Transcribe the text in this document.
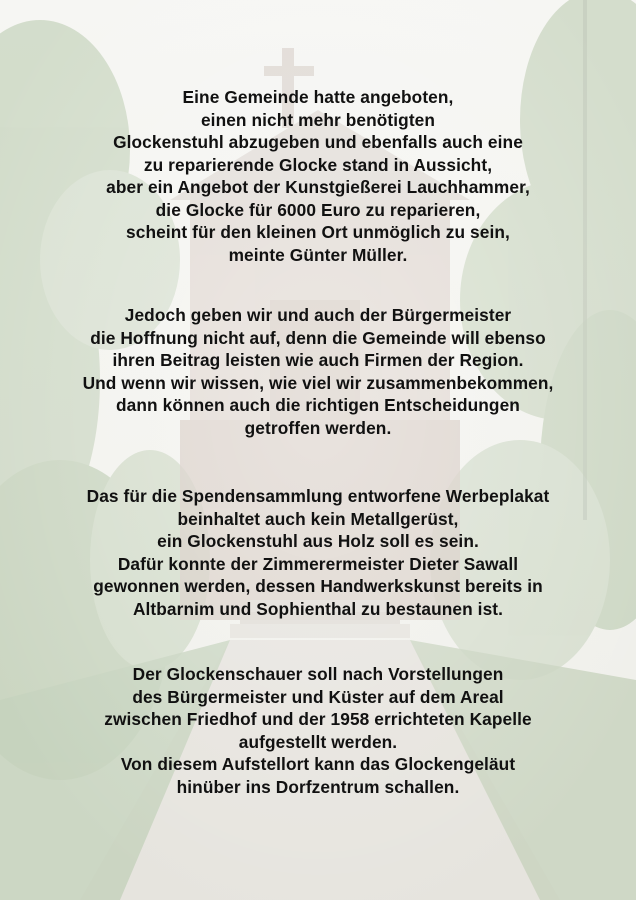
Eine Gemeinde hatte angeboten,
einen nicht mehr benötigten
Glockenstuhl abzugeben und ebenfalls auch eine
zu reparierende Glocke stand in Aussicht,
aber ein Angebot der Kunstgießerei Lauchhammer,
die Glocke für 6000 Euro zu reparieren,
scheint für den kleinen Ort unmöglich zu sein,
meinte Günter Müller.
Jedoch geben wir und auch der Bürgermeister
die Hoffnung nicht auf, denn die Gemeinde will ebenso
ihren Beitrag leisten wie auch Firmen der Region.
Und wenn wir wissen, wie viel wir zusammenbekommen,
dann können auch die richtigen Entscheidungen
getroffen werden.
Das für die Spendensammlung entworfene Werbeplakat
beinhaltet auch kein Metallgerüst,
ein Glockenstuhl aus Holz soll es sein.
Dafür konnte der Zimmerermeister Dieter Sawall
gewonnen werden, dessen Handwerkskunst bereits in
Altbarnim und Sophienthal zu bestaunen ist.
Der Glockenschauer soll nach Vorstellungen
des Bürgermeister und Küster auf dem Areal
zwischen Friedhof und der 1958 errichteten Kapelle
aufgestellt werden.
Von diesem Aufstellort kann das Glockengeläut
hinüber ins Dorfzentrum schallen.
